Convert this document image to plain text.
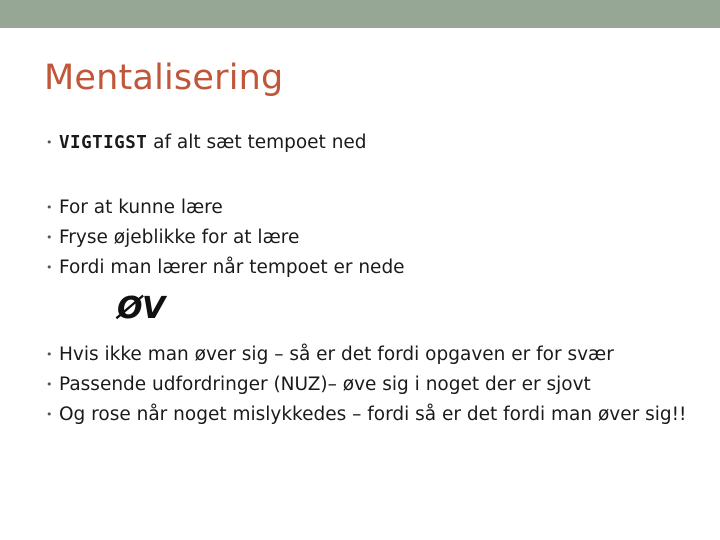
Mentalisering
• VIGTIGST af alt sæt tempoet ned
• For at kunne lære
• Fryse øjeblikke for at lære
• Fordi man lærer når tempoet er nede
ØV
• Hvis ikke man øver sig – så er det fordi opgaven er for svær
• Passende udfordringer (NUZ)– øve sig i noget der er sjovt
• Og rose når noget mislykkedes – fordi så er det fordi man øver sig!!
